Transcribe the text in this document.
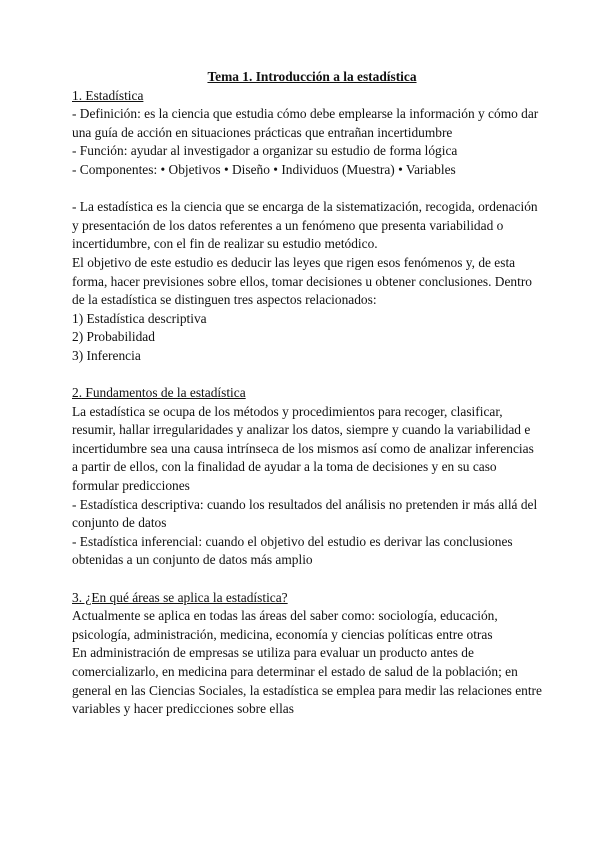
Tema 1. Introducción a la estadística
1. Estadística
- Definición: es la ciencia que estudia cómo debe emplearse la información y cómo dar una guía de acción en situaciones prácticas que entrañan incertidumbre
- Función: ayudar al investigador a organizar su estudio de forma lógica
- Componentes: • Objetivos • Diseño • Individuos (Muestra) • Variables
- La estadística es la ciencia que se encarga de la sistematización, recogida, ordenación y presentación de los datos referentes a un fenómeno que presenta variabilidad o incertidumbre, con el fin de realizar su estudio metódico.
El objetivo de este estudio es deducir las leyes que rigen esos fenómenos y, de esta forma, hacer previsiones sobre ellos, tomar decisiones u obtener conclusiones. Dentro de la estadística se distinguen tres aspectos relacionados:
1) Estadística descriptiva
2) Probabilidad
3) Inferencia
2. Fundamentos de la estadística
La estadística se ocupa de los métodos y procedimientos para recoger, clasificar, resumir, hallar irregularidades y analizar los datos, siempre y cuando la variabilidad e incertidumbre sea una causa intrínseca de los mismos así como de analizar inferencias a partir de ellos, con la finalidad de ayudar a la toma de decisiones y en su caso formular predicciones
- Estadística descriptiva: cuando los resultados del análisis no pretenden ir más allá del conjunto de datos
- Estadística inferencial: cuando el objetivo del estudio es derivar las conclusiones obtenidas a un conjunto de datos más amplio
3. ¿En qué áreas se aplica la estadística?
Actualmente se aplica en todas las áreas del saber como: sociología, educación, psicología, administración, medicina, economía y ciencias políticas entre otras
En administración de empresas se utiliza para evaluar un producto antes de comercializarlo, en medicina para determinar el estado de salud de la población; en general en las Ciencias Sociales, la estadística se emplea para medir las relaciones entre variables y hacer predicciones sobre ellas
